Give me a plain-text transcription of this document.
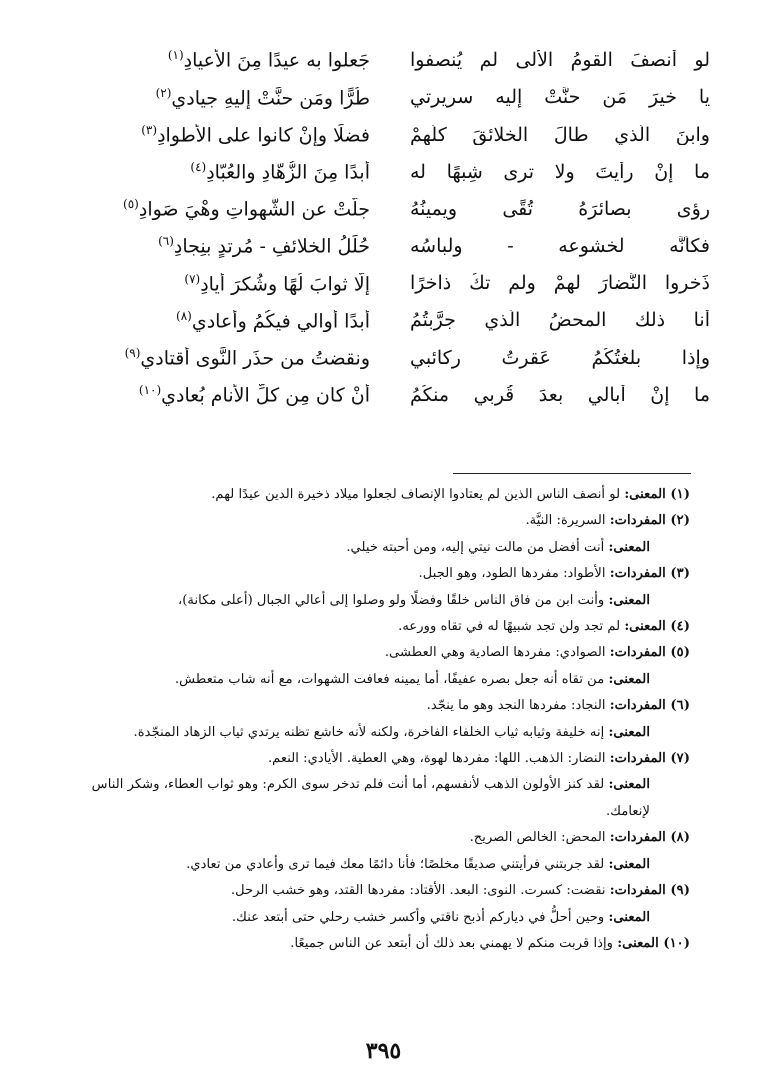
لو أنصفَ القومُ الأُلى لم يُنصفوا
جَعلوا به عيدًا مِنَ الأعيادِ$^{(١)}$
يا خيرَ مَن حنَّتْ إليه سريرتي
طُرًّا ومَن حنَّتْ إليهِ جيادي$^{(٢)}$
وابنَ الَّذي طالَ الخلائقَ كلَّهمْ
فضلًا وإنْ كانوا على الأطوادِ$^{(٣)}$
ما إنْ رأيتَ ولا ترى شِبهًا له
أبدًا مِنَ الزُّهّادِ والعُبّادِ$^{(٤)}$
رؤى بصائرَهُ تُقًى ويمينُهُ
جلَّتْ عنِ الشَّهواتِ وهْيَ صَوادِ$^{(٥)}$
فكأنَّه لخشوعه - ولباسُه
حُلَلُ الخلائفِ - مُرتدٍ بنِجادِ$^{(٦)}$
ذَخروا النُّضارَ لهمْ ولم تكُ ذاخرًا
إلّا ثوابَ لُهًا وشُكرَ أيادِ$^{(٧)}$
أنا ذلك المحضُ الَّذي جرَّبتُمُ
أبدًا أواليِ فيكُمُ وأعادي$^{(٨)}$
وإذا بلغتُكُمُ عَقرتُ ركائبي
ونقضتُ من حذَرِ النَّوى أقتادي$^{(٩)}$
ما إنْ أُبالي بعدَ قُربي منكُمُ
أنْ كان مِن كلِّ الأنامِ بُعادي$^{(١٠)}$

(١) المعنى: لو أنصف الناس الذين لم يعتادوا الإنصاف لجعلوا ميلاد ذخيرة الدين عيدًا لهم.

(٢) المفردات: السريرة: النيَّة.

المعنى: أنت أفضل من مالت نيتي إليه، ومن أحبته خيلي.

(٣) المفردات: الأطواد: مفردها الطود، وهو الجبل.

المعنى: وأنت ابن من فاق الناس خلقًا وفضلًا ولو وصلوا إلى أعالي الجبال (أعلى مكانة)،

(٤) المعنى: لم تجد ولن تجد شبيهًا له في تقاه وورعه.

(٥) المفردات: الصوادي: مفردها الصادية وهي العطشى.

المعنى: من تقاه أنه جعل بصره عفيفًا، أما يمينه فعافت الشهوات، مع أنه شاب متعطش.

(٦) المفردات: النجاد: مفردها النجد وهو ما ينجّد.

المعنى: إنه خليفة وثيابه ثياب الخلفاء الفاخرة، ولكنه لأنه خاشع تظنه يرتدي ثياب الزهاد المنجّدة.

(٧) المفردات: النضار: الذهب. اللها: مفردها لهوة، وهي العطية. الأيادي: النعم.

المعنى: لقد كنز الأولون الذهب لأنفسهم، أما أنت فلم تدخر سوى الكرم: وهو ثواب العطاء، وشكر الناس لإنعامك.

(٨) المفردات: المحض: الخالص الصريح.

المعنى: لقد جربتني فرأيتني صديقًا مخلصًا؛ فأنا دائمًا معك فيما ترى وأعادي من تعادي.

(٩) المفردات: نقضت: كسرت. النوى: البعد. الأقتاد: مفردها القتد، وهو خشب الرحل.

المعنى: وحين أحلُّ في دياركم أذبح ناقتي وأكسر خشب رحلي حتى أبتعد عنك.

(١٠) المعنى: وإذا قربت منكم لا يهمني بعد ذلك أن أبتعد عن الناس جميعًا.

٣٩٥
